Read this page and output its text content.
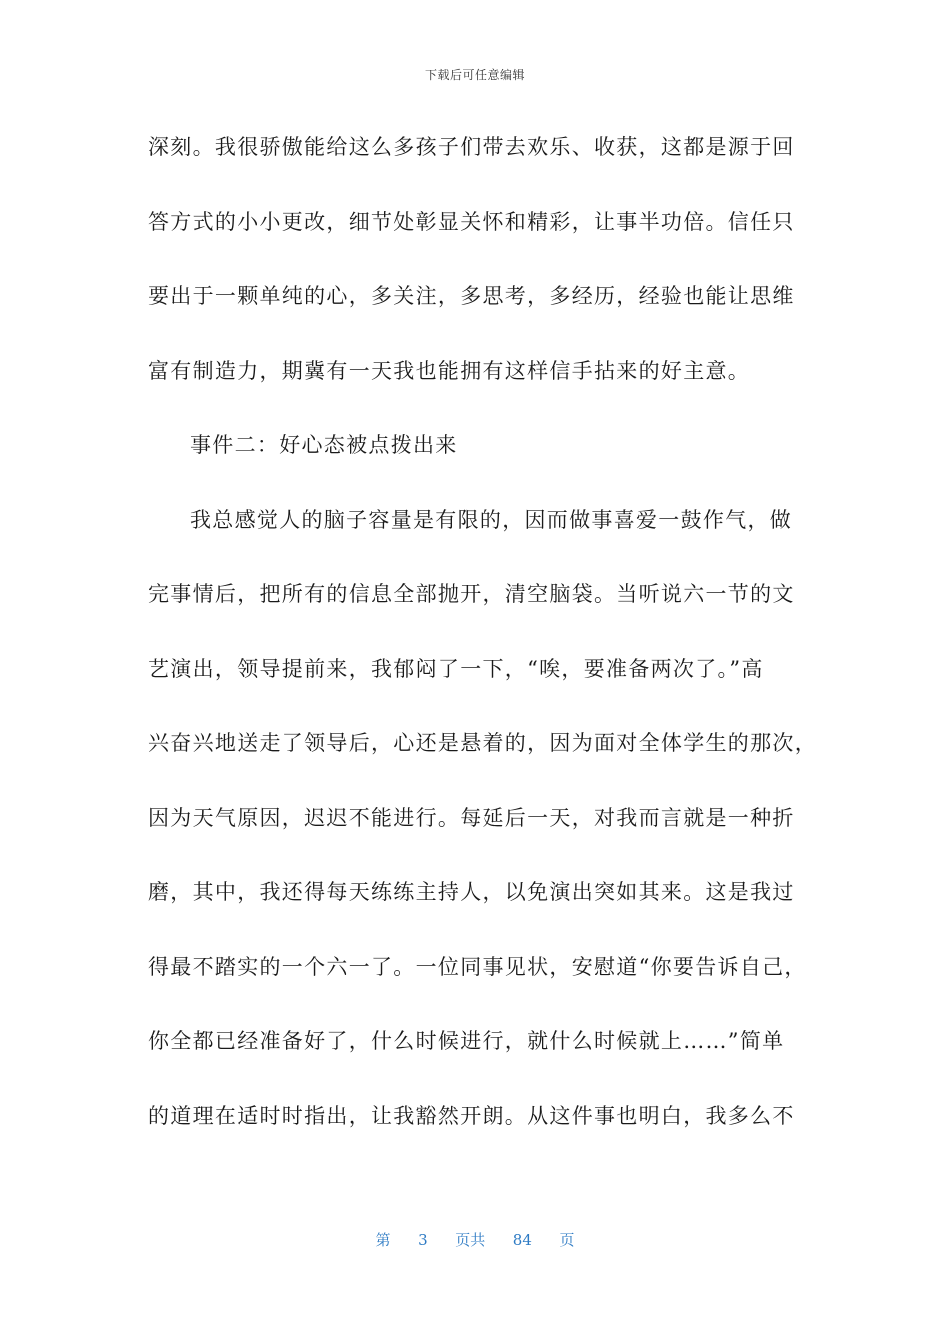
下载后可任意编辑
深刻。我很骄傲能给这么多孩子们带去欢乐、收获，这都是源于回
答方式的小小更改，细节处彰显关怀和精彩，让事半功倍。信任只
要出于一颗单纯的心，多关注，多思考，多经历，经验也能让思维
富有制造力，期冀有一天我也能拥有这样信手拈来的好主意。
事件二：好心态被点拨出来
我总感觉人的脑子容量是有限的，因而做事喜爱一鼓作气，做
完事情后，把所有的信息全部抛开，清空脑袋。当听说六一节的文
艺演出，领导提前来，我郁闷了一下，“唉，要准备两次了。”高
兴奋兴地送走了领导后，心还是悬着的，因为面对全体学生的那次，
因为天气原因，迟迟不能进行。每延后一天，对我而言就是一种折
磨，其中，我还得每天练练主持人，以免演出突如其来。这是我过
得最不踏实的一个六一了。一位同事见状，安慰道“你要告诉自己，
你全都已经准备好了，什么时候进行，就什么时候就上……”简单
的道理在适时时指出，让我豁然开朗。从这件事也明白，我多么不
第 3 页共 84 页
